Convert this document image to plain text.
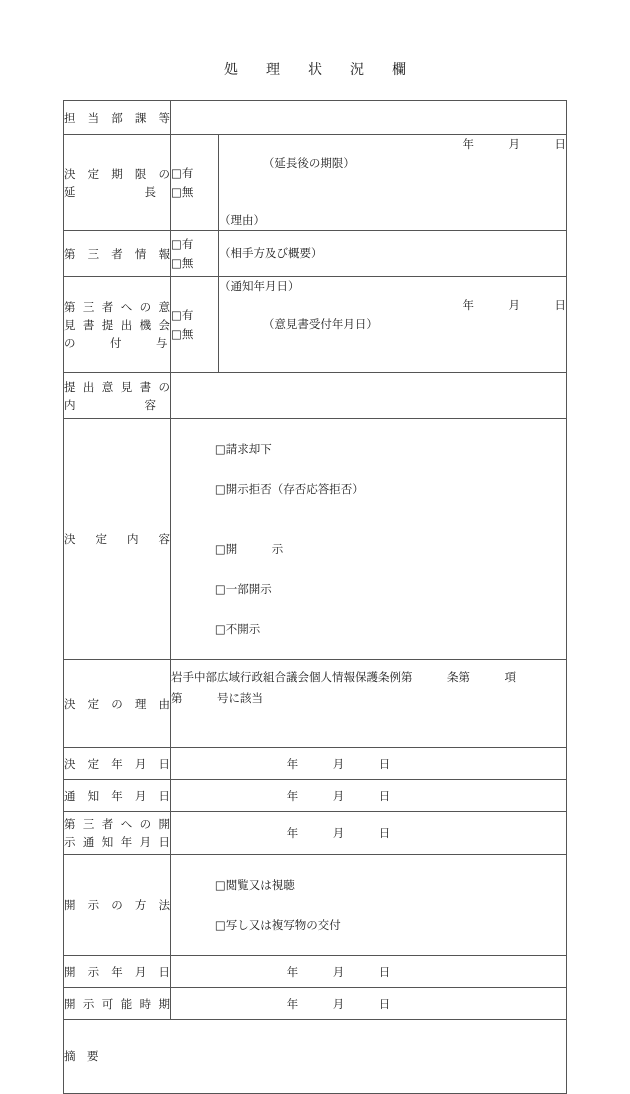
処　理　状　況　欄
担 当 部 課 等		

決 定 期 限 の
延　　　　　　長	□有
□無	（延長後の期限）

年　　　月　　　日

（理由）

第 三 者 情 報	□有
□無	（相手方及び概要）

第 三 者 へ の 意
見 書 提 出 機 会
の　　　付　　　与	□有
□無	（通知年月日）

（意見書受付年月日）

年　　　月　　　日

提 出 意 見 書 の
内　　　　　　容		

決　定　内　容	□請求却下

□開示拒否（存否応答拒否）

□開　　　示

□一部開示

□不開示	

決　定　の　理　由	岩手中部広域行政組合議会個人情報保護条例第　　　条第　　　項
第　　　号に該当	

決 定 年 月 日	年　　　月　　　日	

通 知 年 月 日	年　　　月　　　日	

第 三 者 へ の 開
示 通 知 年 月 日	年　　　月　　　日	

開 示 の 方 法	□閲覧又は視聴

□写し又は複写物の交付	

開 示 年 月 日	年　　　月　　　日	

開 示 可 能 時 期	年　　　月　　　日	

摘　要		
